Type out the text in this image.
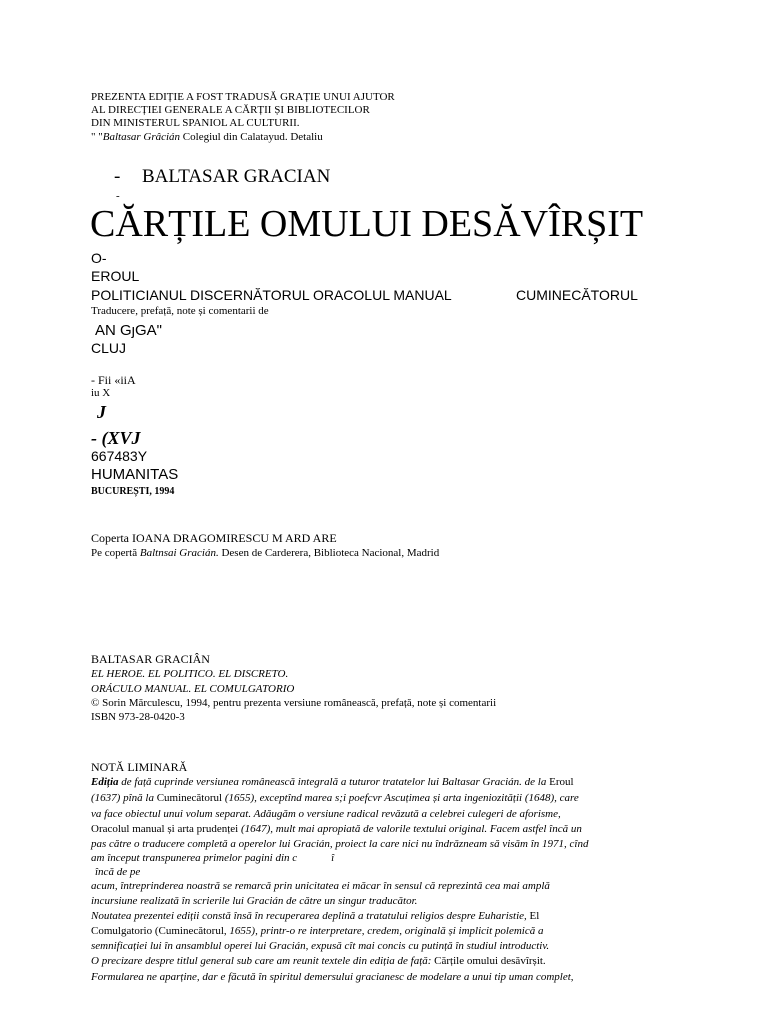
PREZENTA EDIȚIE A FOST TRADUSĂ GRAȚIE UNUI AJUTOR
AL DIRECȚIEI GENERALE A CĂRȚII ȘI BIBLIOTECILOR
DIN MINISTERUL SPANIOL AL CULTURII.
" "Baltasar Grâcián Colegiul din Calatayud. Detaliu
- BALTASAR GRACIAN
-
CĂRȚILE OMULUI DESĂVÎRȘIT
O-
EROUL
POLITICIANUL DISCERNĂTORUL ORACOLUL MANUAL	CUMINECĂTORUL
Traducere, prefață, note și comentarii de
AN GȷGA"
CLUJ
- Fii «iiA
iu X
J
- (XVJ
667483Y
HUMANITAS
BUCUREȘTI, 1994
Coperta IOANA DRAGOMIRESCU M ARD ARE
Pe copertă Baltnsai Gracián. Desen de Carderera, Biblioteca Nacional, Madrid
BALTASAR GRACIÂN
EL HEROE. EL POLITICO. EL DISCRETO.
ORÁCULO MANUAL. EL COMULGATORIO
© Sorin Mărculescu, 1994, pentru prezenta versiune românească, prefață, note și comentarii
ISBN 973-28-0420-3
NOTĂ LIMINARĂ
Ediția de față cuprinde versiunea românească integrală a tuturor tratatelor lui Baltasar Gracián. de la Eroul
(1637) pînă la Cuminecătorul (1655), exceptînd marea s;i poefcvr Ascuțimea și arta ingeniozității (1648), care
va face obiectul unui volum separat. Adăugăm o versiune radical revăzută a celebrei culegeri de aforisme,
Oracolul manual și arta prudenței (1647), mult mai apropiată de valorile textului original. Facem astfel încă un
pas către o traducere completă a operelor lui Gracián, proiect la care nici nu îndrăzneam să visăm în 1971, cînd
am început transpunerea primelor pagini din c	î
încă de pe
acum, întreprinderea noastră se remarcă prin unicitatea ei măcar în sensul că reprezintă cea mai amplă
incursiune realizată în scrierile lui Gracián de către un singur traducător.
Noutatea prezentei ediții constă însă în recuperarea deplină a tratatului religios despre Euharistie, El
Comulgatorio (Cuminecătorul, 1655), printr-o re interpretare, credem, originală și implicit polemică a
semnificației lui în ansamblul operei lui Gracián, expusă cît mai concis cu putință în studiul introductiv.
O precizare despre titlul general sub care am reunit textele din ediția de față: Cărțile omului desăvîrșit.
Formularea ne aparține, dar e făcută în spiritul demersului gracianesc de modelare a unui tip uman complet,
